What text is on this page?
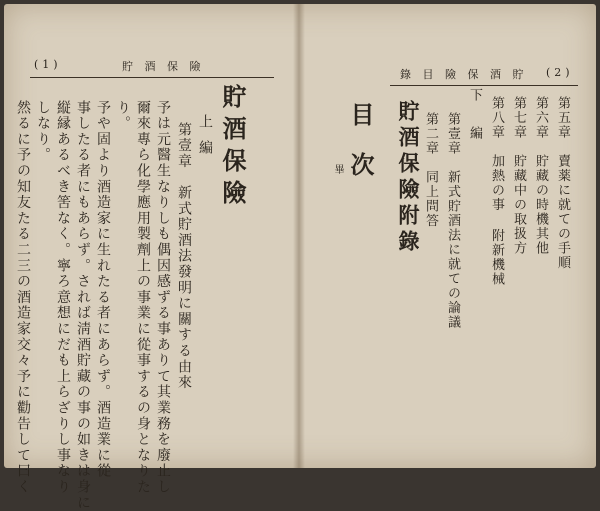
(1)	貯 酒 保 險
貯酒保險
上編
第壹章　新式貯酒法發明に關する由來
予は元醫生なりしも偶因感ずる事ありて其業務を廢止し
爾來專ら化學應用製劑上の事業に從事するの身となりた
り。
予や固より酒造家に生れたる者にあらず。酒造業に從
事したる者にもあらず。されば淸酒貯藏の事の如きは身に
縦縁あるべき筈なく。寧ろ意想にだも上らざりし事なり
しなり。
然るに予の知友たる二三の酒造家交々予に勸告して曰く
錄 目 險 保 酒 貯 (2)
第五章　賣薬に就ての手順
第六章　貯藏の時機其他
第七章　貯藏中の取扱方
第八章　加熱の事 附新機械
下　編
第壹章　新式貯酒法に就ての論議
第二章　同上問答
貯酒保險附錄
目次
畢
